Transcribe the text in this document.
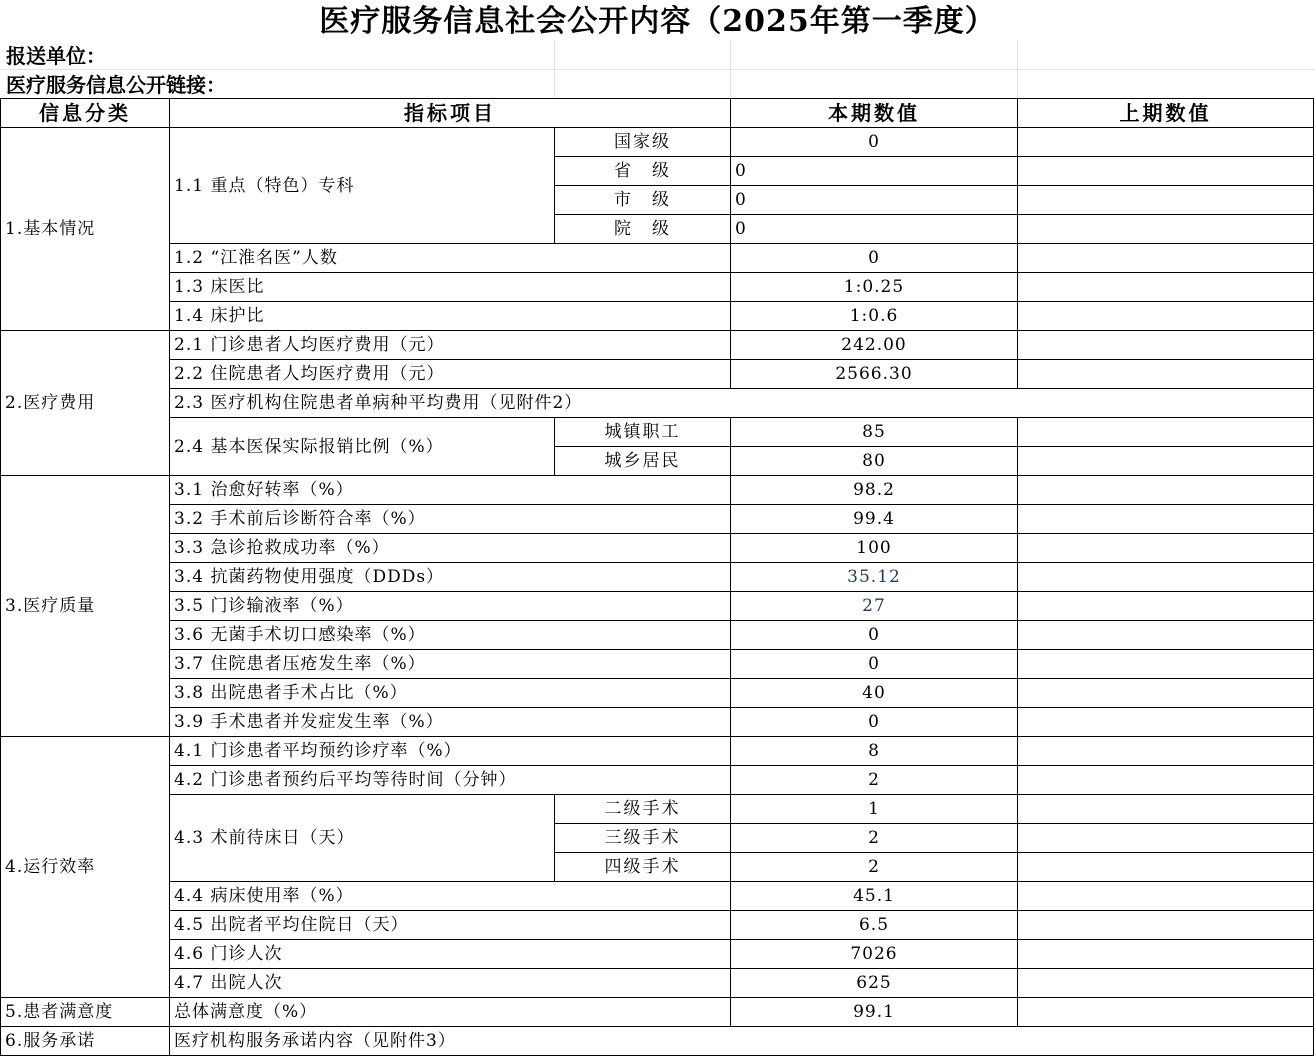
医疗服务信息社会公开内容（2025年第一季度）
报送单位：
医疗服务信息公开链接：
信息分类	指标项目		本期数值	上期数值
1.基本情况	1.1 重点（特色）专科	国家级	0	
		省　级	0	
		市　级	0	
		院　级	0	
	1.2 “江淮名医”人数		0	
	1.3 床医比		1:0.25	
	1.4 床护比		1:0.6	
2.医疗费用	2.1 门诊患者人均医疗费用（元）		242.00	
	2.2 住院患者人均医疗费用（元）		2566.30	
	2.3 医疗机构住院患者单病种平均费用（见附件2）			
	2.4 基本医保实际报销比例（%）	城镇职工	85	
		城乡居民	80	
3.医疗质量	3.1 治愈好转率（%）		98.2	
	3.2 手术前后诊断符合率（%）		99.4	
	3.3 急诊抢救成功率（%）		100	
	3.4 抗菌药物使用强度（DDDs）		35.12	
	3.5 门诊输液率（%）		27	
	3.6 无菌手术切口感染率（%）		0	
	3.7 住院患者压疮发生率（%）		0	
	3.8 出院患者手术占比（%）		40	
	3.9 手术患者并发症发生率（%）		0	
4.运行效率	4.1 门诊患者平均预约诊疗率（%）		8	
	4.2 门诊患者预约后平均等待时间（分钟）		2	
	4.3 术前待床日（天）	二级手术	1	
		三级手术	2	
		四级手术	2	
	4.4 病床使用率（%）		45.1	
	4.5 出院者平均住院日（天）		6.5	
	4.6 门诊人次		7026	
	4.7 出院人次		625	
5.患者满意度	总体满意度（%）		99.1	
6.服务承诺	医疗机构服务承诺内容（见附件3）			
